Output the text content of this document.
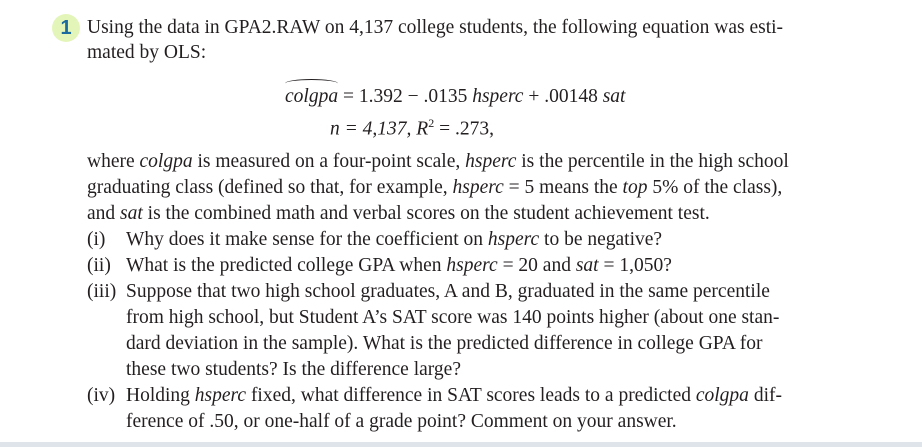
1 Using the data in GPA2.RAW on 4,137 college students, the following equation was esti-
mated by OLS:
colgpa = 1.392 − .0135 hsperc + .00148 sat
n = 4,137, $R^2 = .273$,
where colgpa is measured on a four-point scale, hsperc is the percentile in the high school
graduating class (defined so that, for example, hsperc = 5 means the top 5% of the class),
and sat is the combined math and verbal scores on the student achievement test.
(i) Why does it make sense for the coefficient on hsperc to be negative?
(ii) What is the predicted college GPA when hsperc = 20 and sat = 1,050?
(iii) Suppose that two high school graduates, A and B, graduated in the same percentile
from high school, but Student A’s SAT score was 140 points higher (about one stan-
dard deviation in the sample). What is the predicted difference in college GPA for
these two students? Is the difference large?
(iv) Holding hsperc fixed, what difference in SAT scores leads to a predicted colgpa dif-
ference of .50, or one-half of a grade point? Comment on your answer.
